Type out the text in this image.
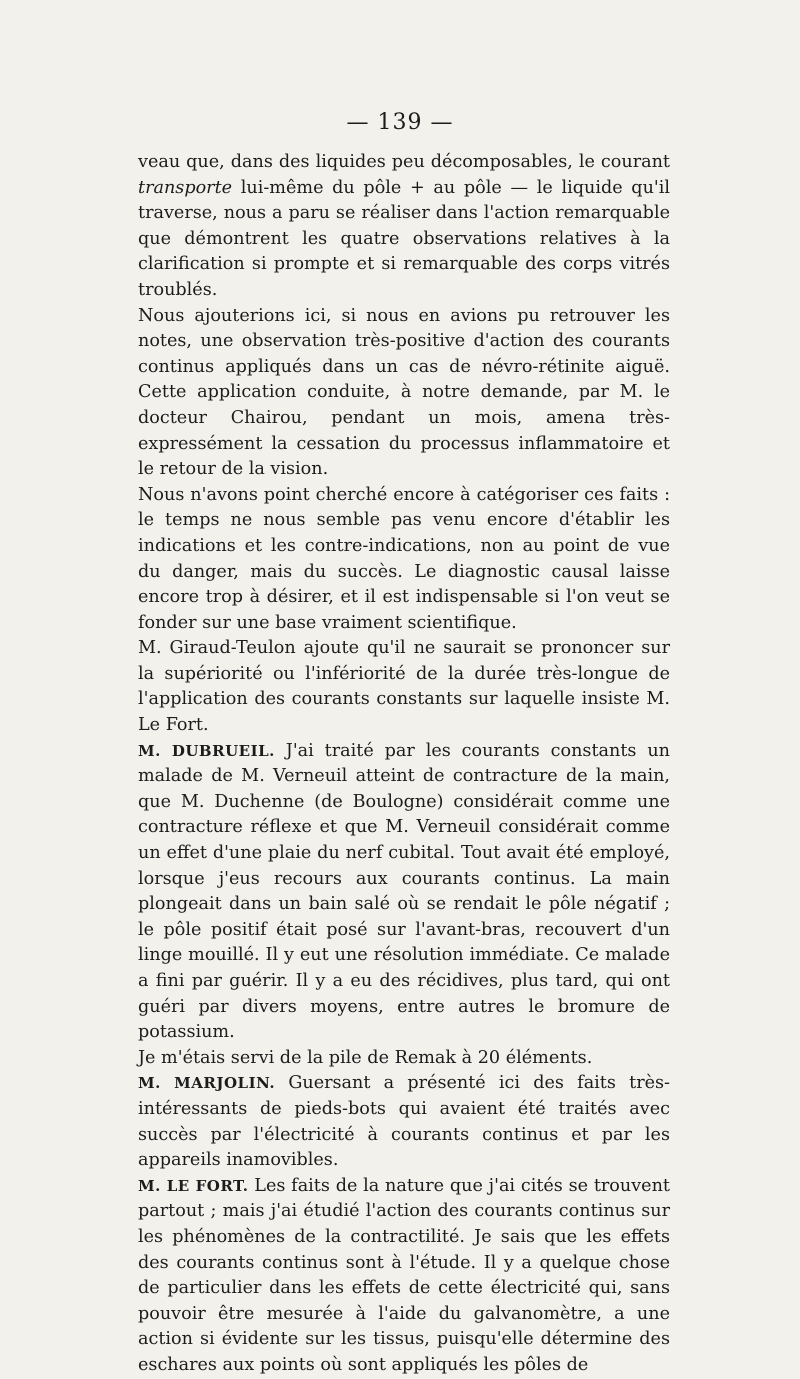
— 139 —

veau que, dans des liquides peu décomposables, le courant transporte lui-même du pôle + au pôle — le liquide qu'il traverse, nous a paru se réaliser dans l'action remarquable que démontrent les quatre observations relatives à la clarification si prompte et si remarquable des corps vitrés troublés.

Nous ajouterions ici, si nous en avions pu retrouver les notes, une observation très-positive d'action des courants continus appliqués dans un cas de névro-rétinite aiguë. Cette application conduite, à notre demande, par M. le docteur Chairou, pendant un mois, amena très-expressément la cessation du processus inflammatoire et le retour de la vision.

Nous n'avons point cherché encore à catégoriser ces faits : le temps ne nous semble pas venu encore d'établir les indications et les contre-indications, non au point de vue du danger, mais du succès. Le diagnostic causal laisse encore trop à désirer, et il est indispensable si l'on veut se fonder sur une base vraiment scientifique.

M. Giraud-Teulon ajoute qu'il ne saurait se prononcer sur la supériorité ou l'infériorité de la durée très-longue de l'application des courants constants sur laquelle insiste M. Le Fort.

M. DUBRUEIL. J'ai traité par les courants constants un malade de M. Verneuil atteint de contracture de la main, que M. Duchenne (de Boulogne) considérait comme une contracture réflexe et que M. Verneuil considérait comme un effet d'une plaie du nerf cubital. Tout avait été employé, lorsque j'eus recours aux courants continus. La main plongeait dans un bain salé où se rendait le pôle négatif ; le pôle positif était posé sur l'avant-bras, recouvert d'un linge mouillé. Il y eut une résolution immédiate. Ce malade a fini par guérir. Il y a eu des récidives, plus tard, qui ont guéri par divers moyens, entre autres le bromure de potassium.

Je m'étais servi de la pile de Remak à 20 éléments.

M. MARJOLIN. Guersant a présenté ici des faits très-intéressants de pieds-bots qui avaient été traités avec succès par l'électricité à courants continus et par les appareils inamovibles.

M. LE FORT. Les faits de la nature que j'ai cités se trouvent partout ; mais j'ai étudié l'action des courants continus sur les phénomènes de la contractilité. Je sais que les effets des courants continus sont à l'étude. Il y a quelque chose de particulier dans les effets de cette électricité qui, sans pouvoir être mesurée à l'aide du galvanomètre, a une action si évidente sur les tissus, puisqu'elle détermine des eschares aux points où sont appliqués les pôles de
